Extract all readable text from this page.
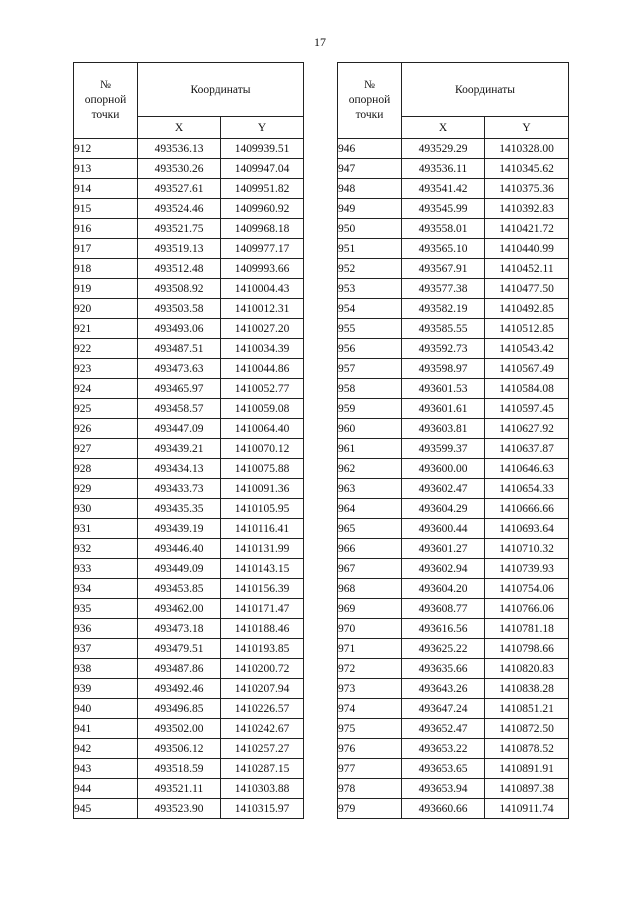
17
№
опорной
точки	Координаты	
	X	Y
912	493536.13	1409939.51
913	493530.26	1409947.04
914	493527.61	1409951.82
915	493524.46	1409960.92
916	493521.75	1409968.18
917	493519.13	1409977.17
918	493512.48	1409993.66
919	493508.92	1410004.43
920	493503.58	1410012.31
921	493493.06	1410027.20
922	493487.51	1410034.39
923	493473.63	1410044.86
924	493465.97	1410052.77
925	493458.57	1410059.08
926	493447.09	1410064.40
927	493439.21	1410070.12
928	493434.13	1410075.88
929	493433.73	1410091.36
930	493435.35	1410105.95
931	493439.19	1410116.41
932	493446.40	1410131.99
933	493449.09	1410143.15
934	493453.85	1410156.39
935	493462.00	1410171.47
936	493473.18	1410188.46
937	493479.51	1410193.85
938	493487.86	1410200.72
939	493492.46	1410207.94
940	493496.85	1410226.57
941	493502.00	1410242.67
942	493506.12	1410257.27
943	493518.59	1410287.15
944	493521.11	1410303.88
945	493523.90	1410315.97
№
опорной
точки	Координаты	
	X	Y
946	493529.29	1410328.00
947	493536.11	1410345.62
948	493541.42	1410375.36
949	493545.99	1410392.83
950	493558.01	1410421.72
951	493565.10	1410440.99
952	493567.91	1410452.11
953	493577.38	1410477.50
954	493582.19	1410492.85
955	493585.55	1410512.85
956	493592.73	1410543.42
957	493598.97	1410567.49
958	493601.53	1410584.08
959	493601.61	1410597.45
960	493603.81	1410627.92
961	493599.37	1410637.87
962	493600.00	1410646.63
963	493602.47	1410654.33
964	493604.29	1410666.66
965	493600.44	1410693.64
966	493601.27	1410710.32
967	493602.94	1410739.93
968	493604.20	1410754.06
969	493608.77	1410766.06
970	493616.56	1410781.18
971	493625.22	1410798.66
972	493635.66	1410820.83
973	493643.26	1410838.28
974	493647.24	1410851.21
975	493652.47	1410872.50
976	493653.22	1410878.52
977	493653.65	1410891.91
978	493653.94	1410897.38
979	493660.66	1410911.74
